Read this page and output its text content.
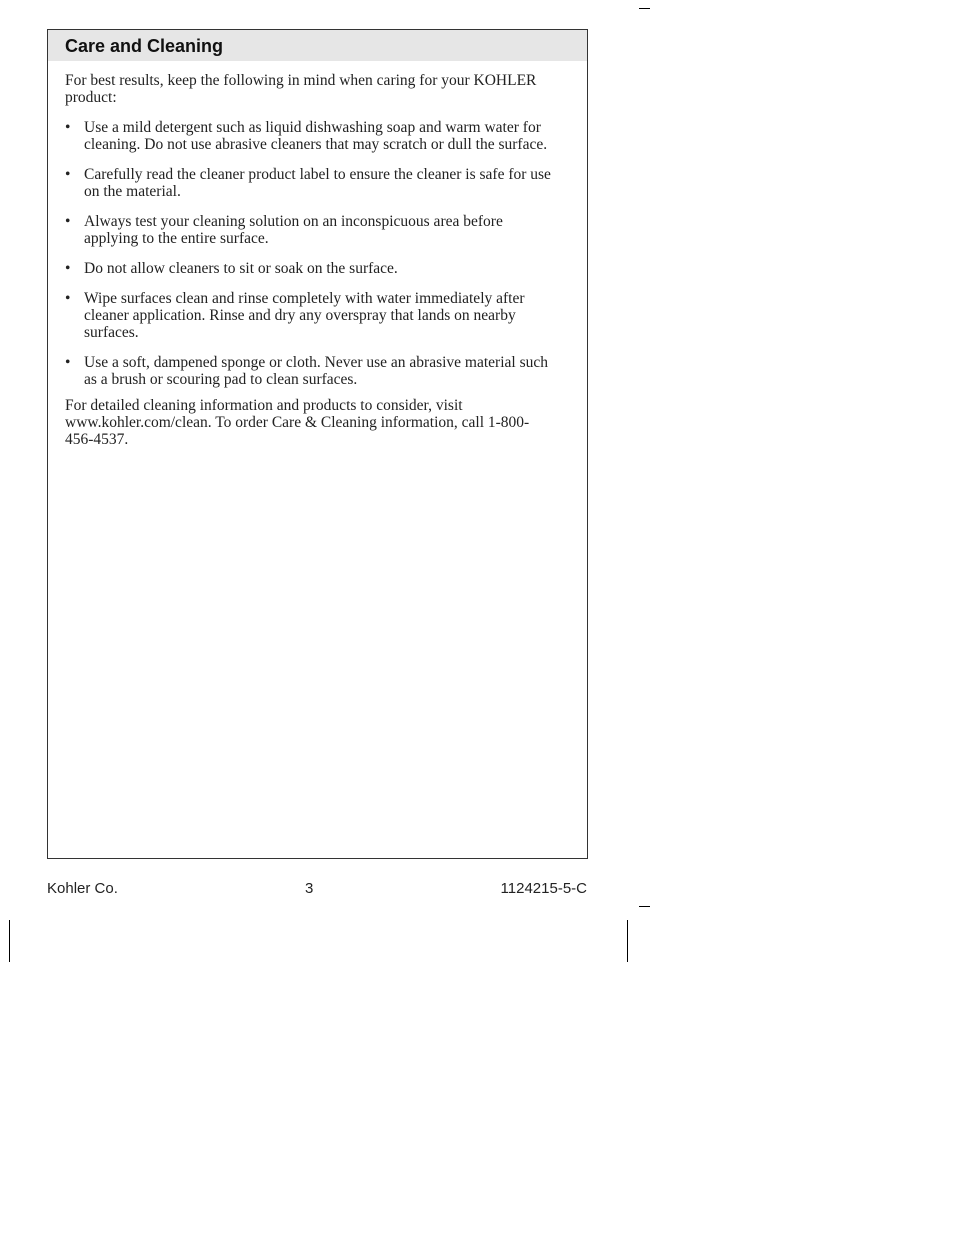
Care and Cleaning

For best results, keep the following in mind when caring for your KOHLER product:

• Use a mild detergent such as liquid dishwashing soap and warm water for cleaning. Do not use abrasive cleaners that may scratch or dull the surface.
• Carefully read the cleaner product label to ensure the cleaner is safe for use on the material.
• Always test your cleaning solution on an inconspicuous area before applying to the entire surface.
• Do not allow cleaners to sit or soak on the surface.
• Wipe surfaces clean and rinse completely with water immediately after cleaner application. Rinse and dry any overspray that lands on nearby surfaces.
• Use a soft, dampened sponge or cloth. Never use an abrasive material such as a brush or scouring pad to clean surfaces.

For detailed cleaning information and products to consider, visit www.kohler.com/clean. To order Care & Cleaning information, call 1-800-456-4537.

Kohler Co.	3	1124215-5-C
